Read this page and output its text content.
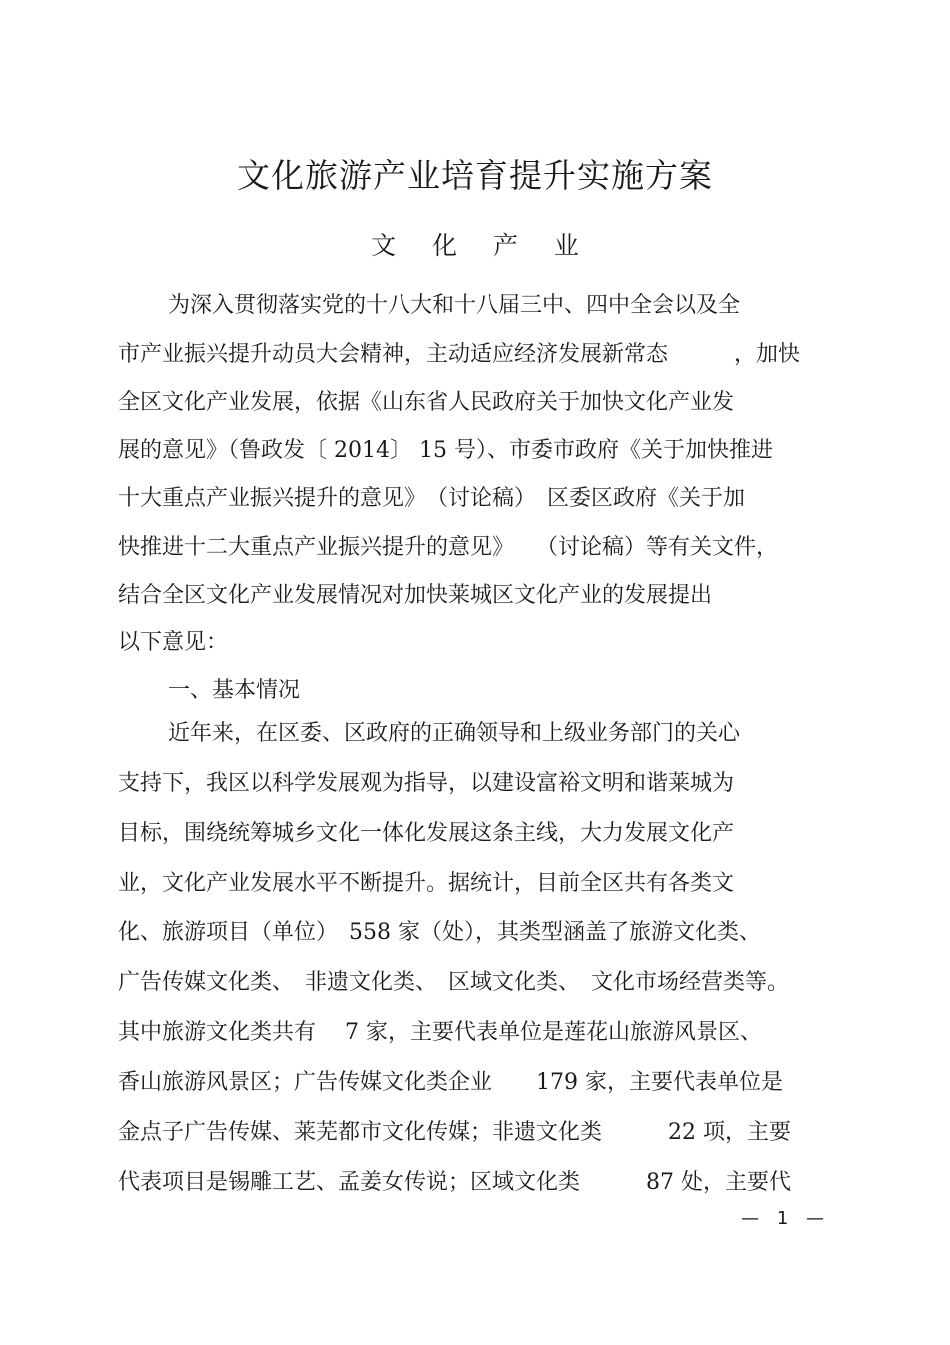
文化旅游产业培育提升实施方案
文 化 产 业
为深入贯彻落实党的十八大和十八届三中、四中全会以及全
市产业振兴提升动员大会精神，主动适应经济发展新常态　　　，加快
全区文化产业发展，依据《山东省人民政府关于加快文化产业发
展的意见》（鲁政发〔 2014〕 15 号）、市委市政府《关于加快推进
十大重点产业振兴提升的意见》　（讨论稿）　区委区政府《关于加
快推进十二大重点产业振兴提升的意见》　　（讨论稿）等有关文件，
结合全区文化产业发展情况对加快莱城区文化产业的发展提出
以下意见：
一、基本情况
近年来，在区委、区政府的正确领导和上级业务部门的关心
支持下，我区以科学发展观为指导，以建设富裕文明和谐莱城为
目标，围绕统筹城乡文化一体化发展这条主线，大力发展文化产
业，文化产业发展水平不断提升。据统计，目前全区共有各类文
化、旅游项目（单位）　558 家（处），其类型涵盖了旅游文化类、
广告传媒文化类、　非遗文化类、　区域文化类、　文化市场经营类等。
其中旅游文化类共有　 7 家，主要代表单位是莲花山旅游风景区、
香山旅游风景区；广告传媒文化类企业　　179 家，主要代表单位是
金点子广告传媒、莱芜都市文化传媒；非遗文化类　　　22 项，主要
代表项目是锡雕工艺、孟姜女传说；区域文化类　　　87 处，主要代
— 1 —
